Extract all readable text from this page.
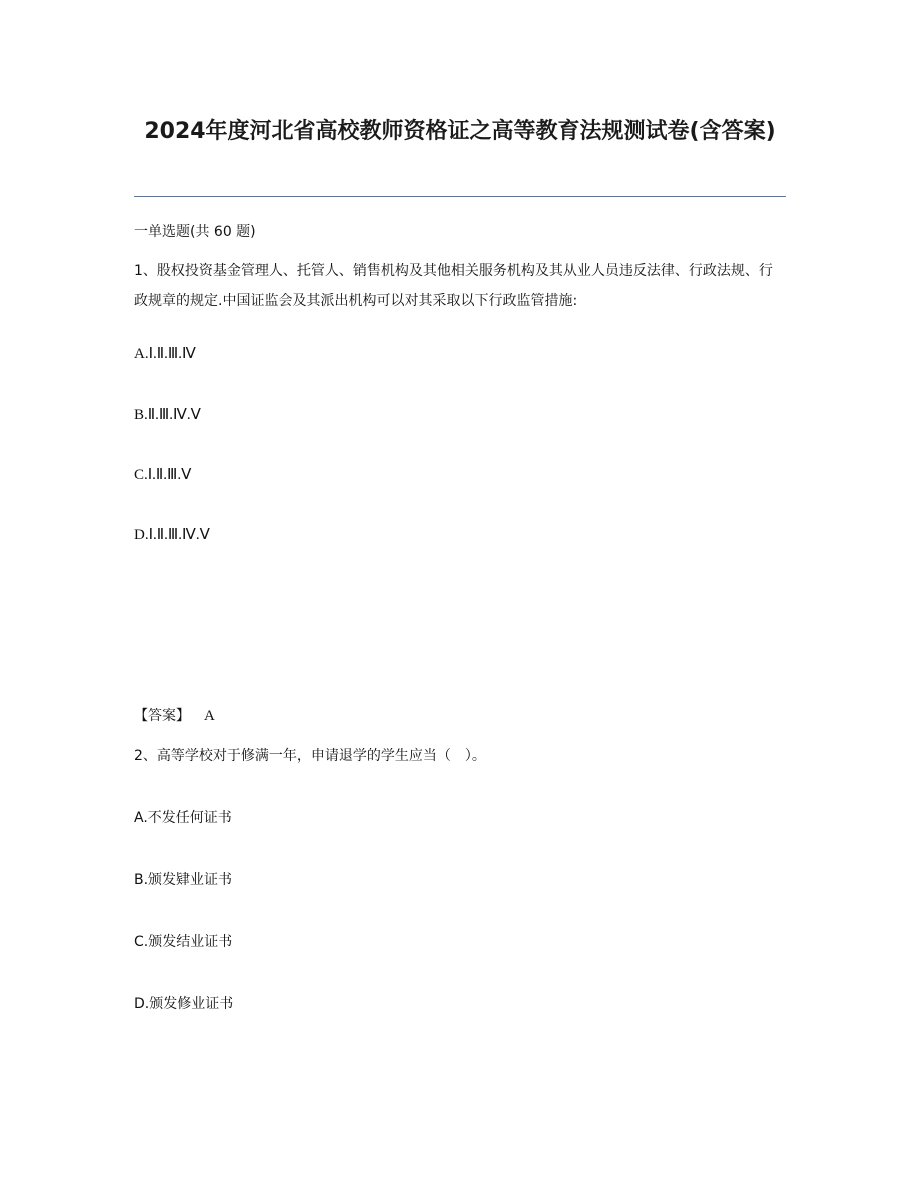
2024年度河北省高校教师资格证之高等教育法规测试卷(含答案)
一单选题(共 60 题)
1、股权投资基金管理人、托管人、销售机构及其他相关服务机构及其从业人员违反法律、行政法规、行政规章的规定.中国证监会及其派出机构可以对其采取以下行政监管措施:
A.Ⅰ.Ⅱ.Ⅲ.Ⅳ
B.Ⅱ.Ⅲ.Ⅳ.Ⅴ
C.Ⅰ.Ⅱ.Ⅲ.Ⅴ
D.Ⅰ.Ⅱ.Ⅲ.Ⅳ.Ⅴ
【答案】 A
2、高等学校对于修满一年，申请退学的学生应当（　）。
A.不发任何证书
B.颁发肄业证书
C.颁发结业证书
D.颁发修业证书
